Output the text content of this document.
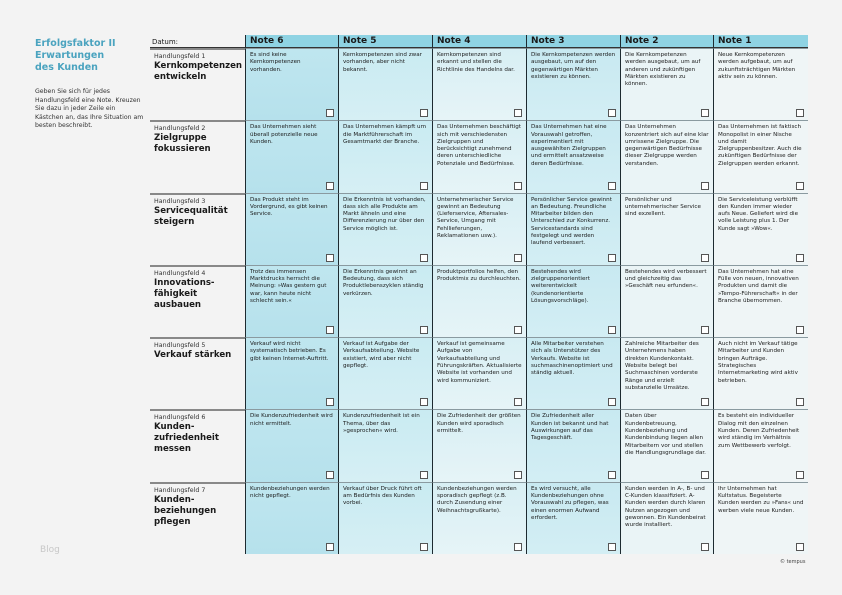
Erfolgsfaktor II
Erwartungen
des Kunden

Geben Sie sich für jedes Handlungsfeld eine Note. Kreuzen Sie dazu in jeder Zeile ein Kästchen an, das Ihre Situation am besten beschreibt.

Datum:	Note 6	Note 5	Note 4	Note 3	Note 2	Note 1
Handlungsfeld 1
Kernkompetenzen entwickeln
Es sind keine Kernkompetenzen vorhanden.
Kernkompetenzen sind zwar vorhanden, aber nicht bekannt.
Kernkompetenzen sind erkannt und stellen die Richtlinie des Handelns dar.
Die Kernkompetenzen werden ausgebaut, um auf den gegenwärtigen Märkten existieren zu können.
Die Kernkompetenzen werden ausgebaut, um auf anderen und zukünftigen Märkten existieren zu können.
Neue Kernkompetenzen werden aufgebaut, um auf zukunftsträchtigen Märkten aktiv sein zu können.
Handlungsfeld 2
Zielgruppe fokussieren
Das Unternehmen sieht überall potenzielle neue Kunden.
Das Unternehmen kämpft um die Marktführerschaft im Gesamtmarkt der Branche.
Das Unternehmen beschäftigt sich mit verschiedensten Zielgruppen und berücksichtigt zunehmend deren unterschiedliche Potenziale und Bedürfnisse.
Das Unternehmen hat eine Vorauswahl getroffen, experimentiert mit ausgewählten Zielgruppen und ermittelt ansatzweise deren Bedürfnisse.
Das Unternehmen konzentriert sich auf eine klar umrissene Zielgruppe. Die gegenwärtigen Bedürfnisse dieser Zielgruppe werden verstanden.
Das Unternehmen ist faktisch Monopolist in einer Nische und damit Zielgruppenbesitzer. Auch die zukünftigen Bedürfnisse der Zielgruppen werden erkannt.
Handlungsfeld 3
Servicequalität steigern
Das Produkt steht im Vordergrund, es gibt keinen Service.
Die Erkenntnis ist vorhanden, dass sich alle Produkte am Markt ähneln und eine Differenzierung nur über den Service möglich ist.
Unternehmerischer Service gewinnt an Bedeutung (Lieferservice, Aftersales-Service, Umgang mit Fehllieferungen, Reklamationen usw.).
Persönlicher Service gewinnt an Bedeutung. Freundliche Mitarbeiter bilden den Unterschied zur Konkurrenz. Servicestandards sind festgelegt und werden laufend verbessert.
Persönlicher und unternehmerischer Service sind exzellent.
Die Serviceleistung verblüfft den Kunden immer wieder aufs Neue. Geliefert wird die volle Leistung plus 1. Der Kunde sagt »Wow«.
Handlungsfeld 4
Innovations-fähigkeit ausbauen
Trotz des immensen Marktdrucks herrscht die Meinung: »Was gestern gut war, kann heute nicht schlecht sein.«
Die Erkenntnis gewinnt an Bedeutung, dass sich Produktlebenszyklen ständig verkürzen.
Produktportfolios helfen, den Produktmix zu durchleuchten.
Bestehendes wird zielgruppenorientiert weiterentwickelt (kundenorientierte Lösungsvorschläge).
Bestehendes wird verbessert und gleichzeitig das »Geschäft neu erfunden«.
Das Unternehmen hat eine Fülle von neuen, innovativen Produkten und damit die »Tempo-Führerschaft« in der Branche übernommen.
Handlungsfeld 5
Verkauf stärken
Verkauf wird nicht systematisch betrieben. Es gibt keinen Internet-Auftritt.
Verkauf ist Aufgabe der Verkaufsabteilung. Website existiert, wird aber nicht gepflegt.
Verkauf ist gemeinsame Aufgabe von Verkaufsabteilung und Führungskräften. Aktualisierte Website ist vorhanden und wird kommuniziert.
Alle Mitarbeiter verstehen sich als Unterstützer des Verkaufs. Website ist suchmaschinenoptimiert und ständig aktuell.
Zahlreiche Mitarbeiter des Unternehmens haben direkten Kundenkontakt. Website belegt bei Suchmaschinen vorderste Ränge und erzielt substanzielle Umsätze.
Auch nicht im Verkauf tätige Mitarbeiter und Kunden bringen Aufträge. Strategisches Internetmarketing wird aktiv betrieben.
Handlungsfeld 6
Kunden-zufriedenheit messen
Die Kundenzufriedenheit wird nicht ermittelt.
Kundenzufriedenheit ist ein Thema, über das »gesprochen« wird.
Die Zufriedenheit der größten Kunden wird sporadisch ermittelt.
Die Zufriedenheit aller Kunden ist bekannt und hat Auswirkungen auf das Tagesgeschäft.
Daten über Kundenbetreuung, Kundenbeziehung und Kundenbindung liegen allen Mitarbeitern vor und stellen die Handlungsgrundlage dar.
Es besteht ein individueller Dialog mit den einzelnen Kunden. Deren Zufriedenheit wird ständig im Verhältnis zum Wettbewerb verfolgt.
Handlungsfeld 7
Kunden-beziehungen pflegen
Kundenbeziehungen werden nicht gepflegt.
Verkauf über Druck führt oft am Bedürfnis des Kunden vorbei.
Kundenbeziehungen werden sporadisch gepflegt (z.B. durch Zusendung einer Weihnachtsgrußkarte).
Es wird versucht, alle Kundenbeziehungen ohne Vorauswahl zu pflegen, was einen enormen Aufwand erfordert.
Kunden werden in A-, B- und C-Kunden klassifiziert. A-Kunden werden durch klaren Nutzen angezogen und gewonnen. Ein Kundenbeirat wurde installiert.
Ihr Unternehmen hat Kultstatus. Begeisterte Kunden werden zu »Fans« und werben viele neue Kunden.
Blog
© tempus
